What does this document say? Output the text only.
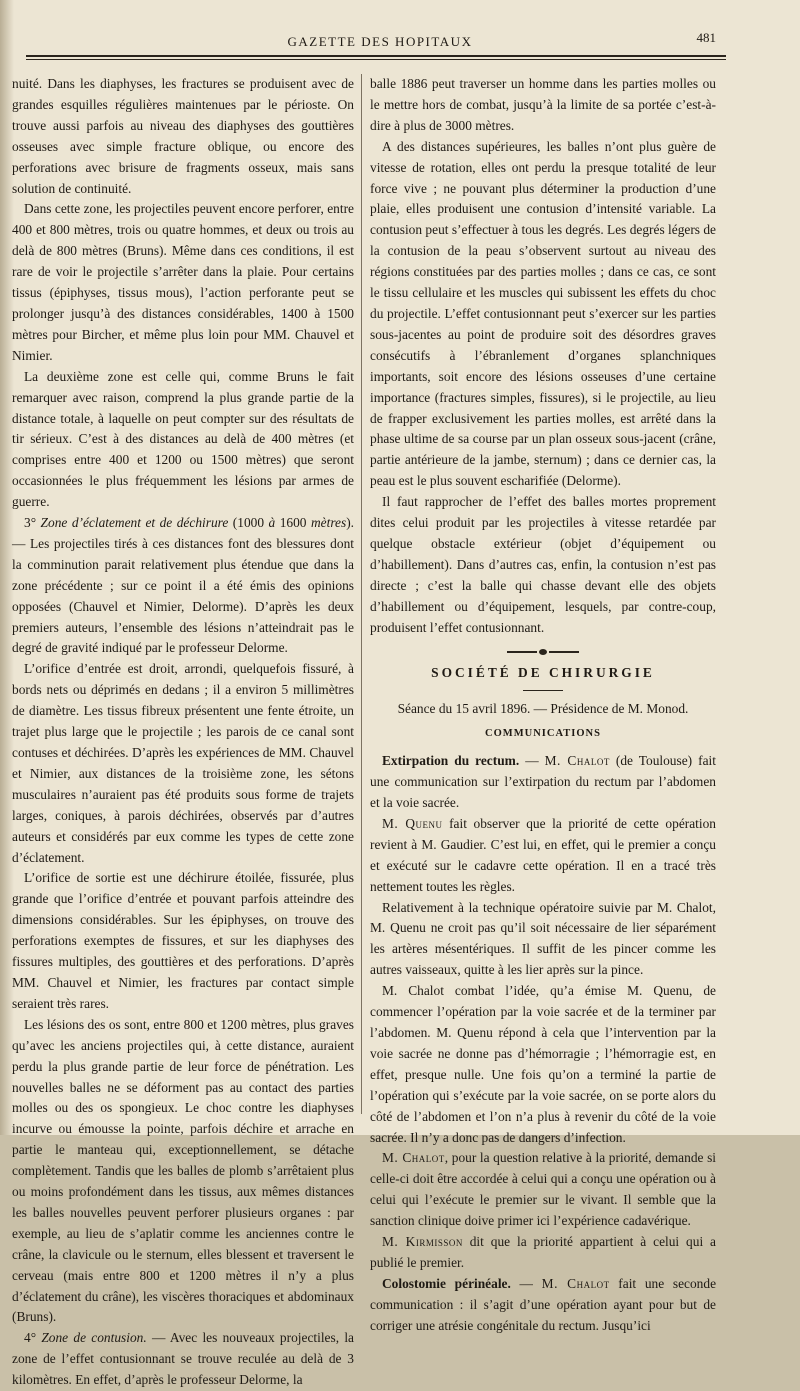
GAZETTE DES HOPITAUX	481

nuité. Dans les diaphyses, les fractures se produisent avec de grandes esquilles régulières maintenues par le périoste. On trouve aussi parfois au niveau des diaphyses des gouttières osseuses avec simple fracture oblique, ou encore des perforations avec brisure de fragments osseux, mais sans solution de continuité.

Dans cette zone, les projectiles peuvent encore perforer, entre 400 et 800 mètres, trois ou quatre hommes, et deux ou trois au delà de 800 mètres (Bruns). Même dans ces conditions, il est rare de voir le projectile s’arrêter dans la plaie. Pour certains tissus (épiphyses, tissus mous), l’action perforante peut se prolonger jusqu’à des distances considérables, 1400 à 1500 mètres pour Bircher, et même plus loin pour MM. Chauvel et Nimier.

La deuxième zone est celle qui, comme Bruns le fait remarquer avec raison, comprend la plus grande partie de la distance totale, à laquelle on peut compter sur des résultats de tir sérieux. C’est à des distances au delà de 400 mètres (et comprises entre 400 et 1200 ou 1500 mètres) que seront occasionnées le plus fréquemment les lésions par armes de guerre.

3° Zone d’éclatement et de déchirure (1000 à 1600 mètres). — Les projectiles tirés à ces distances font des blessures dont la comminution parait relativement plus étendue que dans la zone précédente ; sur ce point il a été émis des opinions opposées (Chauvel et Nimier, Delorme). D’après les deux premiers auteurs, l’ensemble des lésions n’atteindrait pas le degré de gravité indiqué par le professeur Delorme.

L’orifice d’entrée est droit, arrondi, quelquefois fissuré, à bords nets ou déprimés en dedans ; il a environ 5 millimètres de diamètre. Les tissus fibreux présentent une fente étroite, un trajet plus large que le projectile ; les parois de ce canal sont contuses et déchirées. D’après les expériences de MM. Chauvel et Nimier, aux distances de la troisième zone, les sétons musculaires n’auraient pas été produits sous forme de trajets larges, coniques, à parois déchirées, observés par d’autres auteurs et considérés par eux comme les types de cette zone d’éclatement.

L’orifice de sortie est une déchirure étoilée, fissurée, plus grande que l’orifice d’entrée et pouvant parfois atteindre des dimensions considérables. Sur les épiphyses, on trouve des perforations exemptes de fissures, et sur les diaphyses des fissures multiples, des gouttières et des perforations. D’après MM. Chauvel et Nimier, les fractures par contact simple seraient très rares.

Les lésions des os sont, entre 800 et 1200 mètres, plus graves qu’avec les anciens projectiles qui, à cette distance, auraient perdu la plus grande partie de leur force de pénétration. Les nouvelles balles ne se déforment pas au contact des parties molles ou des os spongieux. Le choc contre les diaphyses incurve ou émousse la pointe, parfois déchire et arrache en partie le manteau qui, exceptionnellement, se détache complètement. Tandis que les balles de plomb s’arrêtaient plus ou moins profondément dans les tissus, aux mêmes distances les balles nouvelles peuvent perforer plusieurs organes : par exemple, au lieu de s’aplatir comme les anciennes contre le crâne, la clavicule ou le sternum, elles blessent et traversent le cerveau (mais entre 800 et 1200 mètres il n’y a plus d’éclatement du crâne), les viscères thoraciques et abdominaux (Bruns).

4° Zone de contusion. — Avec les nouveaux projectiles, la zone de l’effet contusionnant se trouve reculée au delà de 3 kilomètres. En effet, d’après le professeur Delorme, la

balle 1886 peut traverser un homme dans les parties molles ou le mettre hors de combat, jusqu’à la limite de sa portée c’est-à-dire à plus de 3000 mètres.

A des distances supérieures, les balles n’ont plus guère de vitesse de rotation, elles ont perdu la presque totalité de leur force vive ; ne pouvant plus déterminer la production d’une plaie, elles produisent une contusion d’intensité variable. La contusion peut s’effectuer à tous les degrés. Les degrés légers de la contusion de la peau s’observent surtout au niveau des régions constituées par des parties molles ; dans ce cas, ce sont le tissu cellulaire et les muscles qui subissent les effets du choc du projectile. L’effet contusionnant peut s’exercer sur les parties sous-jacentes au point de produire soit des désordres graves consécutifs à l’ébranlement d’organes splanchniques importants, soit encore des lésions osseuses d’une certaine importance (fractures simples, fissures), si le projectile, au lieu de frapper exclusivement les parties molles, est arrêté dans la phase ultime de sa course par un plan osseux sous-jacent (crâne, partie antérieure de la jambe, sternum) ; dans ce dernier cas, la peau est le plus souvent escharifiée (Delorme).

Il faut rapprocher de l’effet des balles mortes proprement dites celui produit par les projectiles à vitesse retardée par quelque obstacle extérieur (objet d’équipement ou d’habillement). Dans d’autres cas, enfin, la contusion n’est pas directe ; c’est la balle qui chasse devant elle des objets d’habillement ou d’équipement, lesquels, par contre-coup, produisent l’effet contusionnant.

SOCIÉTÉ DE CHIRURGIE
Séance du 15 avril 1896. — Présidence de M. Monod.
COMMUNICATIONS

Extirpation du rectum. — M. Chalot (de Toulouse) fait une communication sur l’extirpation du rectum par l’abdomen et la voie sacrée.

M. Quenu fait observer que la priorité de cette opération revient à M. Gaudier. C’est lui, en effet, qui le premier a conçu et exécuté sur le cadavre cette opération. Il en a tracé très nettement toutes les règles.

Relativement à la technique opératoire suivie par M. Chalot, M. Quenu ne croit pas qu’il soit nécessaire de lier séparément les artères mésentériques. Il suffit de les pincer comme les autres vaisseaux, quitte à les lier après sur la pince.

M. Chalot combat l’idée, qu’a émise M. Quenu, de commencer l’opération par la voie sacrée et de la terminer par l’abdomen. M. Quenu répond à cela que l’intervention par la voie sacrée ne donne pas d’hémorragie ; l’hémorragie est, en effet, presque nulle. Une fois qu’on a terminé la partie de l’opération qui s’exécute par la voie sacrée, on se porte alors du côté de l’abdomen et l’on n’a plus à revenir du côté de la voie sacrée. Il n’y a donc pas de dangers d’infection.

M. Chalot, pour la question relative à la priorité, demande si celle-ci doit être accordée à celui qui a conçu une opération ou à celui qui l’exécute le premier sur le vivant. Il semble que la sanction clinique doive primer ici l’expérience cadavérique.

M. Kirmisson dit que la priorité appartient à celui qui a publié le premier.

Colostomie périnéale. — M. Chalot fait une seconde communication : il s’agit d’une opération ayant pour but de corriger une atrésie congénitale du rectum. Jusqu’ici
